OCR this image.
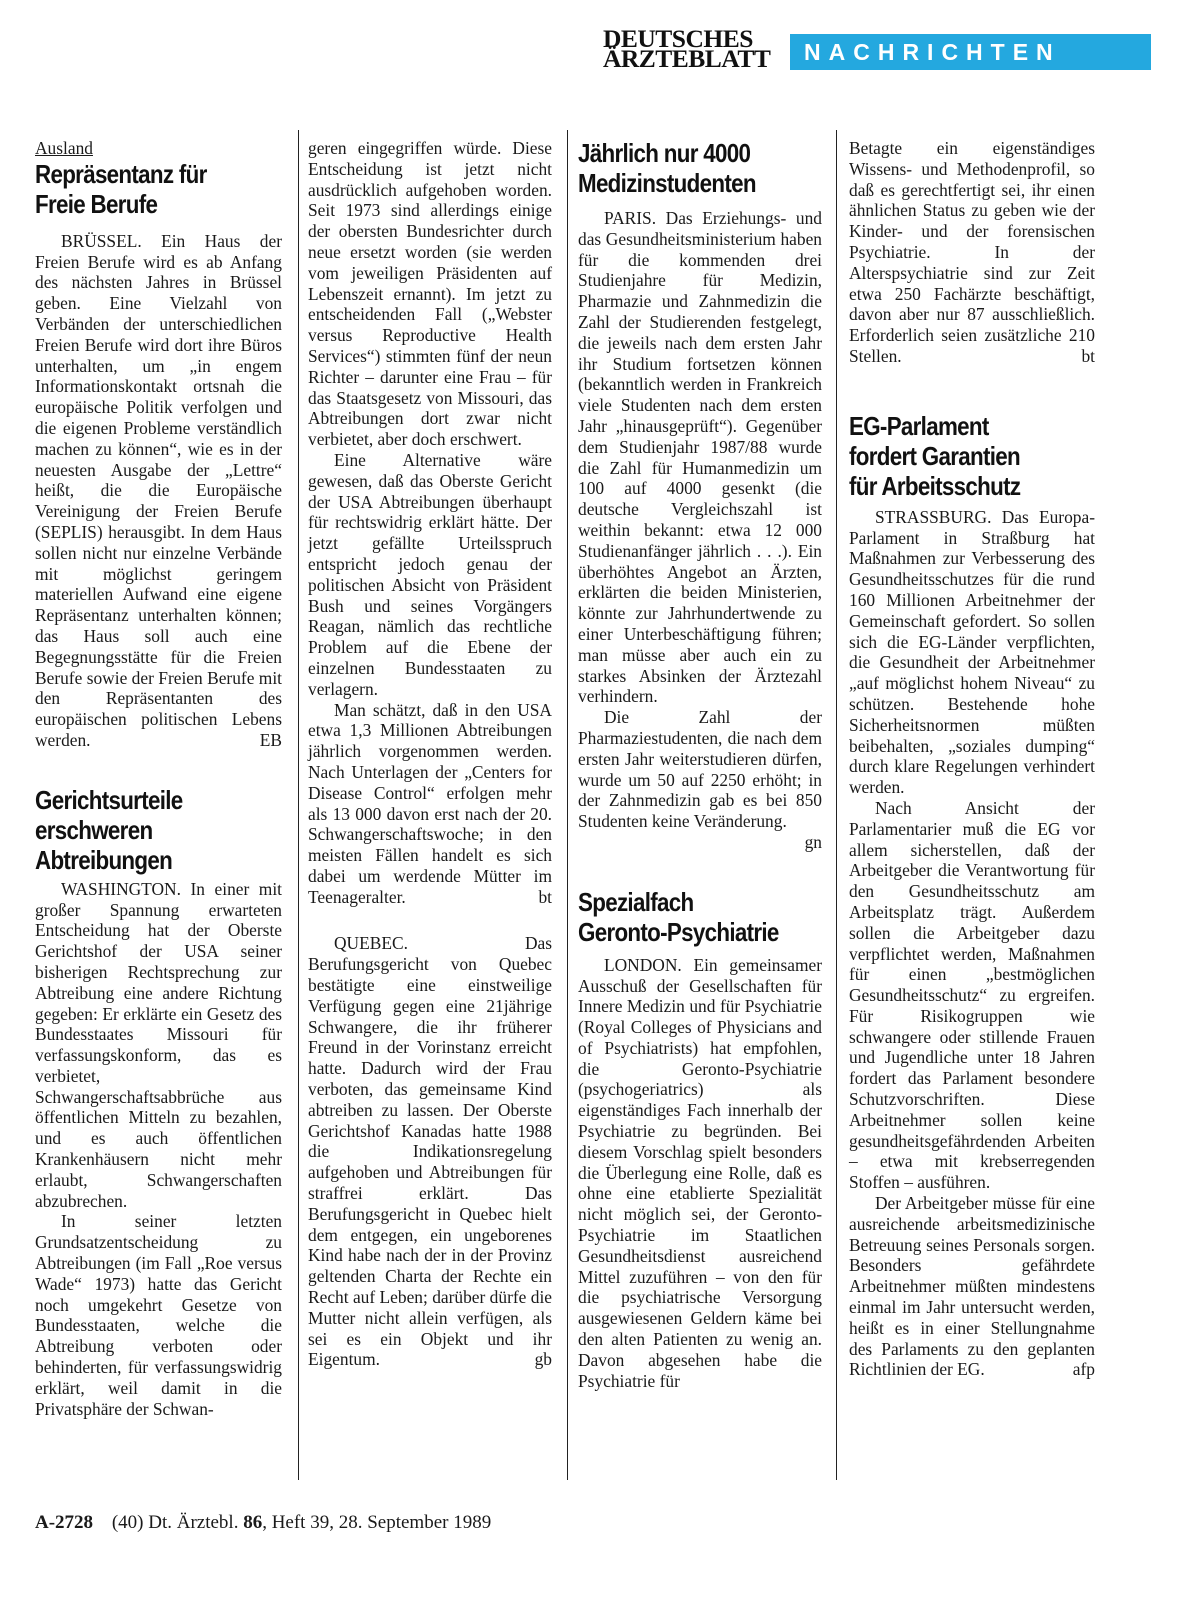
DEUTSCHES
ÄRZTEBLATT	NACHRICHTEN

Ausland

Repräsentanz für
Freie Berufe

BRÜSSEL. Ein Haus der Freien Berufe wird es ab Anfang des nächsten Jahres in Brüssel geben. Eine Vielzahl von Verbänden der unterschiedlichen Freien Berufe wird dort ihre Büros unterhalten, um „in engem Informationskontakt ortsnah die europäische Politik verfolgen und die eigenen Probleme verständlich machen zu können“, wie es in der neuesten Ausgabe der „Lettre“ heißt, die die Europäische Vereinigung der Freien Berufe (SEPLIS) herausgibt. In dem Haus sollen nicht nur einzelne Verbände mit möglichst geringem materiellen Aufwand eine eigene Repräsentanz unterhalten können; das Haus soll auch eine Begegnungsstätte für die Freien Berufe sowie der Freien Berufe mit den Repräsentanten des europäischen politischen Lebens werden.	EB

Gerichtsurteile
erschweren
Abtreibungen

WASHINGTON. In einer mit großer Spannung erwarteten Entscheidung hat der Oberste Gerichtshof der USA seiner bisherigen Rechtsprechung zur Abtreibung eine andere Richtung gegeben: Er erklärte ein Gesetz des Bundesstaates Missouri für verfassungskonform, das es verbietet, Schwangerschaftsabbrüche aus öffentlichen Mitteln zu bezahlen, und es auch öffentlichen Krankenhäusern nicht mehr erlaubt, Schwangerschaften abzubrechen.

In seiner letzten Grundsatzentscheidung zu Abtreibungen (im Fall „Roe versus Wade“ 1973) hatte das Gericht noch umgekehrt Gesetze von Bundesstaaten, welche die Abtreibung verboten oder behinderten, für verfassungswidrig erklärt, weil damit in die Privatsphäre der Schwan-

geren eingegriffen würde. Diese Entscheidung ist jetzt nicht ausdrücklich aufgehoben worden. Seit 1973 sind allerdings einige der obersten Bundesrichter durch neue ersetzt worden (sie werden vom jeweiligen Präsidenten auf Lebenszeit ernannt). Im jetzt zu entscheidenden Fall („Webster versus Reproductive Health Services“) stimmten fünf der neun Richter – darunter eine Frau – für das Staatsgesetz von Missouri, das Abtreibungen dort zwar nicht verbietet, aber doch erschwert.

Eine Alternative wäre gewesen, daß das Oberste Gericht der USA Abtreibungen überhaupt für rechtswidrig erklärt hätte. Der jetzt gefällte Urteilsspruch entspricht jedoch genau der politischen Absicht von Präsident Bush und seines Vorgängers Reagan, nämlich das rechtliche Problem auf die Ebene der einzelnen Bundesstaaten zu verlagern.

Man schätzt, daß in den USA etwa 1,3 Millionen Abtreibungen jährlich vorgenommen werden. Nach Unterlagen der „Centers for Disease Control“ erfolgen mehr als 13 000 davon erst nach der 20. Schwangerschaftswoche; in den meisten Fällen handelt es sich dabei um werdende Mütter im Teenageralter.	bt

QUEBEC. Das Berufungsgericht von Quebec bestätigte eine einstweilige Verfügung gegen eine 21jährige Schwangere, die ihr früherer Freund in der Vorinstanz erreicht hatte. Dadurch wird der Frau verboten, das gemeinsame Kind abtreiben zu lassen. Der Oberste Gerichtshof Kanadas hatte 1988 die Indikationsregelung aufgehoben und Abtreibungen für straffrei erklärt. Das Berufungsgericht in Quebec hielt dem entgegen, ein ungeborenes Kind habe nach der in der Provinz geltenden Charta der Rechte ein Recht auf Leben; darüber dürfe die Mutter nicht allein verfügen, als sei es ein Objekt und ihr Eigentum.	gb

Jährlich nur 4000
Medizinstudenten

PARIS. Das Erziehungs- und das Gesundheitsministerium haben für die kommenden drei Studienjahre für Medizin, Pharmazie und Zahnmedizin die Zahl der Studierenden festgelegt, die jeweils nach dem ersten Jahr ihr Studium fortsetzen können (bekanntlich werden in Frankreich viele Studenten nach dem ersten Jahr „hinausgeprüft“). Gegenüber dem Studienjahr 1987/88 wurde die Zahl für Humanmedizin um 100 auf 4000 gesenkt (die deutsche Vergleichszahl ist weithin bekannt: etwa 12 000 Studienanfänger jährlich . . .). Ein überhöhtes Angebot an Ärzten, erklärten die beiden Ministerien, könnte zur Jahrhundertwende zu einer Unterbeschäftigung führen; man müsse aber auch ein zu starkes Absinken der Ärztezahl verhindern.

Die Zahl der Pharmaziestudenten, die nach dem ersten Jahr weiterstudieren dürfen, wurde um 50 auf 2250 erhöht; in der Zahnmedizin gab es bei 850 Studenten keine Veränderung.
gn

Spezialfach
Geronto-Psychiatrie

LONDON. Ein gemeinsamer Ausschuß der Gesellschaften für Innere Medizin und für Psychiatrie (Royal Colleges of Physicians and of Psychiatrists) hat empfohlen, die Geronto-Psychiatrie (psychogeriatrics) als eigenständiges Fach innerhalb der Psychiatrie zu begründen. Bei diesem Vorschlag spielt besonders die Überlegung eine Rolle, daß es ohne eine etablierte Spezialität nicht möglich sei, der Geronto-Psychiatrie im Staatlichen Gesundheitsdienst ausreichend Mittel zuzuführen – von den für die psychiatrische Versorgung ausgewiesenen Geldern käme bei den alten Patienten zu wenig an. Davon abgesehen habe die Psychiatrie für

Betagte ein eigenständiges Wissens- und Methodenprofil, so daß es gerechtfertigt sei, ihr einen ähnlichen Status zu geben wie der Kinder- und der forensischen Psychiatrie. In der Alterspsychiatrie sind zur Zeit etwa 250 Fachärzte beschäftigt, davon aber nur 87 ausschließlich. Erforderlich seien zusätzliche 210 Stellen.	bt

EG-Parlament
fordert Garantien
für Arbeitsschutz

STRASSBURG. Das Europa-Parlament in Straßburg hat Maßnahmen zur Verbesserung des Gesundheitsschutzes für die rund 160 Millionen Arbeitnehmer der Gemeinschaft gefordert. So sollen sich die EG-Länder verpflichten, die Gesundheit der Arbeitnehmer „auf möglichst hohem Niveau“ zu schützen. Bestehende hohe Sicherheitsnormen müßten beibehalten, „soziales dumping“ durch klare Regelungen verhindert werden.

Nach Ansicht der Parlamentarier muß die EG vor allem sicherstellen, daß der Arbeitgeber die Verantwortung für den Gesundheitsschutz am Arbeitsplatz trägt. Außerdem sollen die Arbeitgeber dazu verpflichtet werden, Maßnahmen für einen „bestmöglichen Gesundheitsschutz“ zu ergreifen. Für Risikogruppen wie schwangere oder stillende Frauen und Jugendliche unter 18 Jahren fordert das Parlament besondere Schutzvorschriften. Diese Arbeitnehmer sollen keine gesundheitsgefährdenden Arbeiten – etwa mit krebserregenden Stoffen – ausführen.

Der Arbeitgeber müsse für eine ausreichende arbeitsmedizinische Betreuung seines Personals sorgen. Besonders gefährdete Arbeitnehmer müßten mindestens einmal im Jahr untersucht werden, heißt es in einer Stellungnahme des Parlaments zu den geplanten Richtlinien der EG.	afp

A-2728 (40) Dt. Ärztebl. 86, Heft 39, 28. September 1989
